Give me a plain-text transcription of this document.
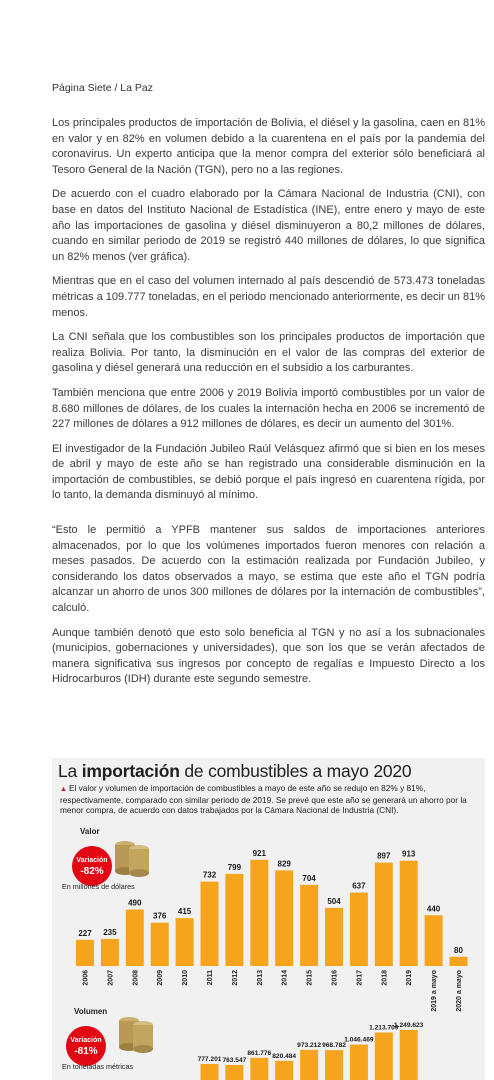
Página Siete / La Paz

Los principales productos de importación de Bolivia, el diésel y la gasolina, caen en 81% en valor y en 82% en volumen debido a la cuarentena en el país por la pandemia del coronavirus. Un experto anticipa que la menor compra del exterior sólo beneficiará al Tesoro General de la Nación (TGN), pero no a las regiones.

De acuerdo con el cuadro elaborado por la Cámara Nacional de Industria (CNI), con base en datos del Instituto Nacional de Estadística (INE), entre enero y mayo de este año las importaciones de gasolina y diésel disminuyeron a 80,2 millones de dólares, cuando en similar periodo de 2019 se registró 440 millones de dólares, lo que significa un 82% menos (ver gráfica).

Mientras que en el caso del volumen internado al país descendió de 573.473 toneladas métricas a 109.777 toneladas, en el periodo mencionado anteriormente, es decir un 81% menos.

La CNI señala que los combustibles son los principales productos de importación que realiza Bolivia. Por tanto, la disminución en el valor de las compras del exterior de gasolina y diésel generará una reducción en el subsidio a los carburantes.

También menciona que entre 2006 y 2019 Bolivia importó combustibles por un valor de 8.680 millones de dólares, de los cuales la internación hecha en 2006 se incrementó de 227 millones de dólares a 912 millones de dólares, es decir un aumento del 301%.

El investigador de la Fundación Jubileo Raúl Velásquez afirmó que si bien en los meses de abril y mayo de este año se han registrado una considerable disminución en la importación de combustibles, se debió porque el país ingresó en cuarentena rígida, por lo tanto, la demanda disminuyó al mínimo.

“Esto le permitió a YPFB mantener sus saldos de importaciones anteriores almacenados, por lo que los volúmenes importados fueron menores con relación a meses pasados. De acuerdo con la estimación realizada por Fundación Jubileo, y considerando los datos observados a mayo, se estima que este año el TGN podría alcanzar un ahorro de unos 300 millones de dólares por la internación de combustibles”, calculó.

Aunque también denotó que esto solo beneficia al TGN y no así a los subnacionales (municipios, gobernaciones y universidades), que son los que se verán afectados de manera significativa sus ingresos por concepto de regalías e Impuesto Directo a los Hidrocarburos (IDH) durante este segundo semestre.

La importación de combustibles a mayo 2020
▲ El valor y volumen de importación de combustibles a mayo de este año se redujo en 82% y 81%, respectivamente, comparado con similar periodo de 2019. Se prevé que este año se generará un ahorro por la menor compra, de acuerdo con datos trabajados por la Cámara Nacional de Industria (CNI).
227 235
490
376 415
732
799
921
829
704
504
637
897 913
440
80
2006	2007	2008	2009	2010	2011	2012	2013	2014	2015	2016	2017	2018	2019	2019 a mayo	2020 a mayo
777.201 763.547
861.776 820.484
973.212 968.782
1.046.469
1.213.709
1.249.623
Valor
Variación
-82%
En millones de dólares
Volumen
Variación
-81%
En toneladas métricas
